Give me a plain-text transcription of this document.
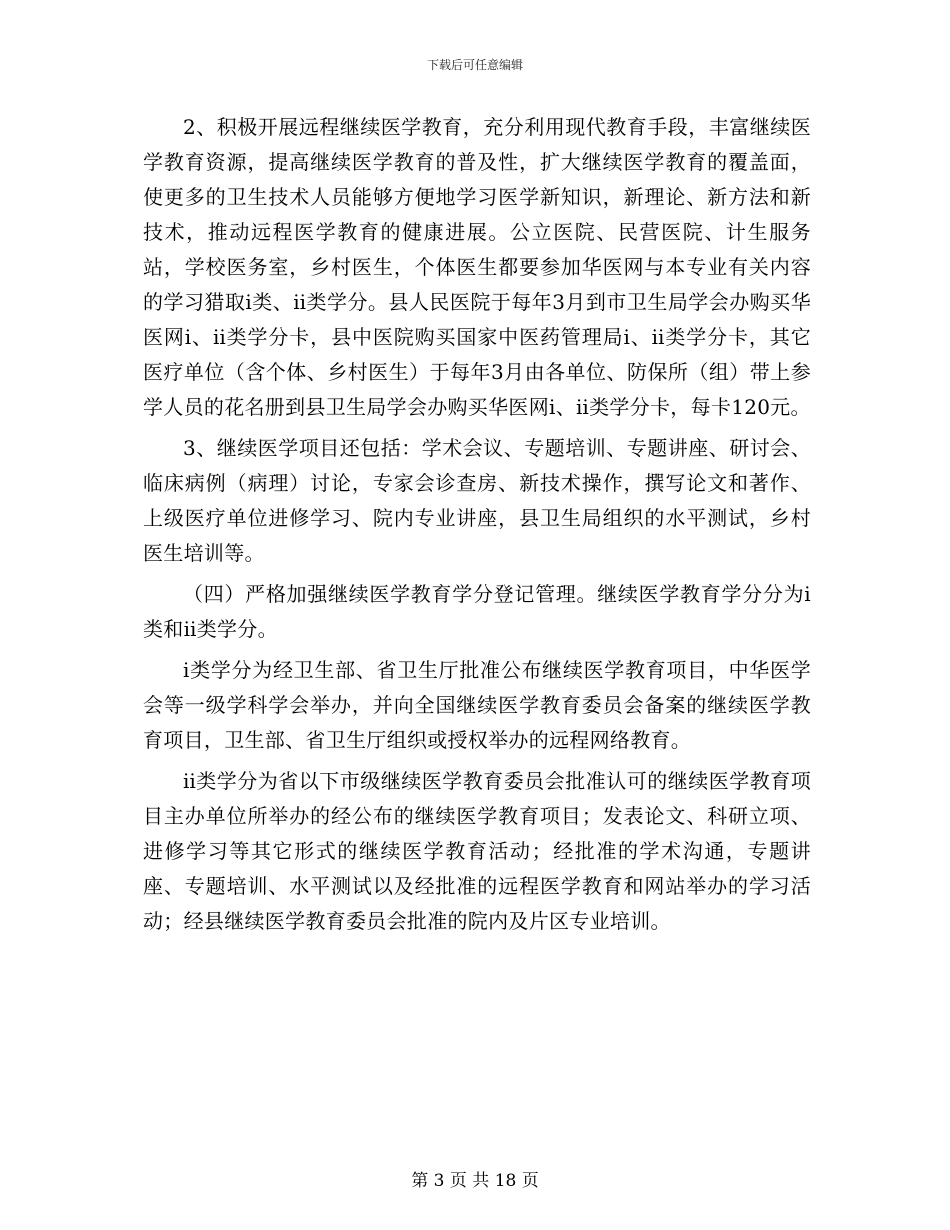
下载后可任意编辑

2、积极开展远程继续医学教育，充分利用现代教育手段，丰富继续医学教育资源，提高继续医学教育的普及性，扩大继续医学教育的覆盖面，使更多的卫生技术人员能够方便地学习医学新知识，新理论、新方法和新技术，推动远程医学教育的健康进展。公立医院、民营医院、计生服务站，学校医务室，乡村医生，个体医生都要参加华医网与本专业有关内容的学习猎取ⅰ类、ⅱ类学分。县人民医院于每年3月到市卫生局学会办购买华医网ⅰ、ⅱ类学分卡，县中医院购买国家中医药管理局ⅰ、ⅱ类学分卡，其它医疗单位（含个体、乡村医生）于每年3月由各单位、防保所（组）带上参学人员的花名册到县卫生局学会办购买华医网ⅰ、ⅱ类学分卡，每卡120元。

3、继续医学项目还包括：学术会议、专题培训、专题讲座、研讨会、临床病例（病理）讨论，专家会诊查房、新技术操作，撰写论文和著作、上级医疗单位进修学习、院内专业讲座，县卫生局组织的水平测试，乡村医生培训等。

（四）严格加强继续医学教育学分登记管理。继续医学教育学分分为ⅰ类和ⅱ类学分。

ⅰ类学分为经卫生部、省卫生厅批准公布继续医学教育项目，中华医学会等一级学科学会举办，并向全国继续医学教育委员会备案的继续医学教育项目，卫生部、省卫生厅组织或授权举办的远程网络教育。

ⅱ类学分为省以下市级继续医学教育委员会批准认可的继续医学教育项目主办单位所举办的经公布的继续医学教育项目；发表论文、科研立项、进修学习等其它形式的继续医学教育活动；经批准的学术沟通，专题讲座、专题培训、水平测试以及经批准的远程医学教育和网站举办的学习活动；经县继续医学教育委员会批准的院内及片区专业培训。

第 3 页 共 18 页
